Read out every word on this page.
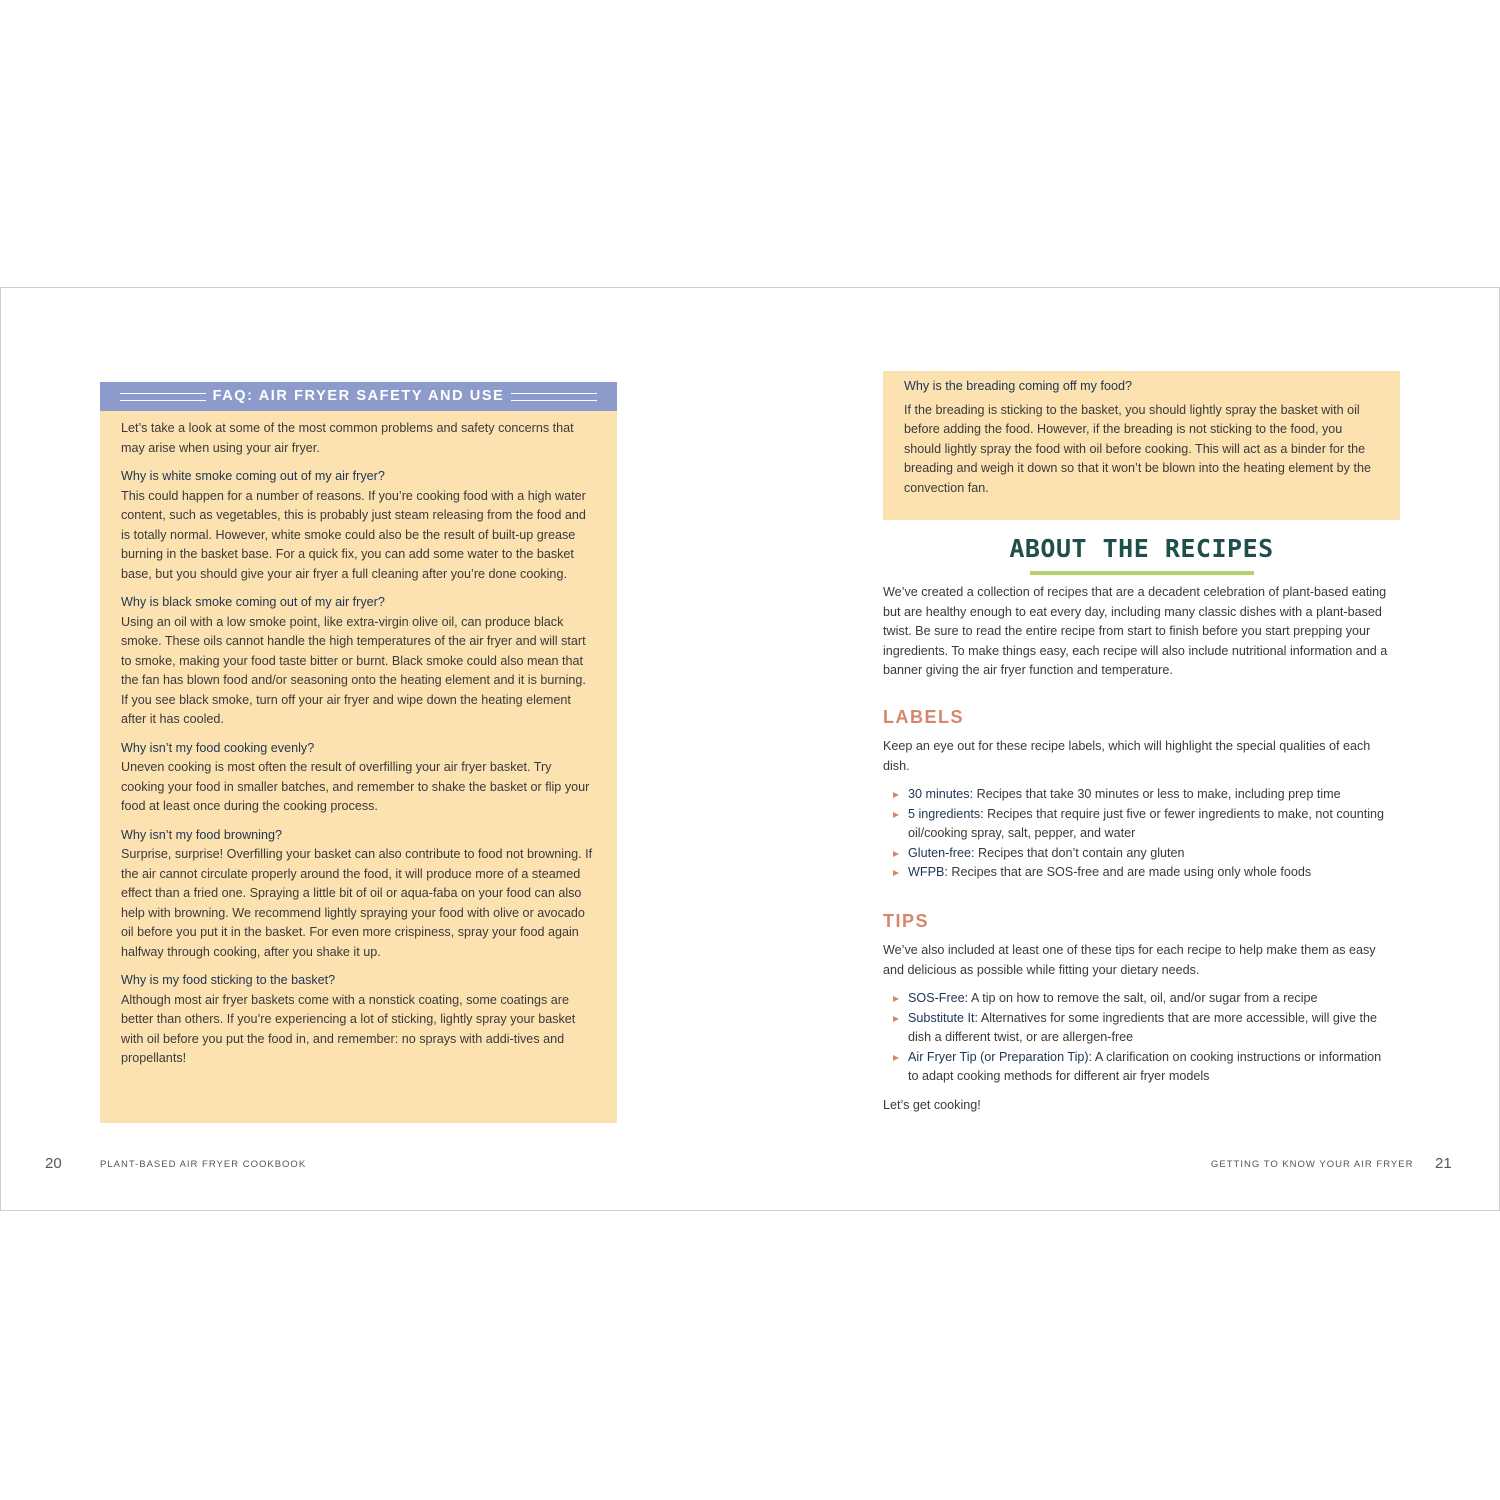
FAQ: AIR FRYER SAFETY AND USE

Let’s take a look at some of the most common problems and safety concerns that may arise when using your air fryer.

Why is white smoke coming out of my air fryer?

This could happen for a number of reasons. If you’re cooking food with a high water content, such as vegetables, this is probably just steam releasing from the food and is totally normal. However, white smoke could also be the result of built-up grease burning in the basket base. For a quick fix, you can add some water to the basket base, but you should give your air fryer a full cleaning after you’re done cooking.

Why is black smoke coming out of my air fryer?

Using an oil with a low smoke point, like extra-virgin olive oil, can produce black smoke. These oils cannot handle the high temperatures of the air fryer and will start to smoke, making your food taste bitter or burnt. Black smoke could also mean that the fan has blown food and/or seasoning onto the heating element and it is burning. If you see black smoke, turn off your air fryer and wipe down the heating element after it has cooled.

Why isn’t my food cooking evenly?

Uneven cooking is most often the result of overfilling your air fryer basket. Try cooking your food in smaller batches, and remember to shake the basket or flip your food at least once during the cooking process.

Why isn’t my food browning?

Surprise, surprise! Overfilling your basket can also contribute to food not browning. If the air cannot circulate properly around the food, it will produce more of a steamed effect than a fried one. Spraying a little bit of oil or aqua-faba on your food can also help with browning. We recommend lightly spraying your food with olive or avocado oil before you put it in the basket. For even more crispiness, spray your food again halfway through cooking, after you shake it up.

Why is my food sticking to the basket?

Although most air fryer baskets come with a nonstick coating, some coatings are better than others. If you’re experiencing a lot of sticking, lightly spray your basket with oil before you put the food in, and remember: no sprays with addi-tives and propellants!

20	PLANT-BASED AIR FRYER COOKBOOK

Why is the breading coming off my food?

If the breading is sticking to the basket, you should lightly spray the basket with oil before adding the food. However, if the breading is not sticking to the food, you should lightly spray the food with oil before cooking. This will act as a binder for the breading and weigh it down so that it won’t be blown into the heating element by the convection fan.

ABOUT THE RECIPES

We’ve created a collection of recipes that are a decadent celebration of plant-based eating but are healthy enough to eat every day, including many classic dishes with a plant-based twist. Be sure to read the entire recipe from start to finish before you start prepping your ingredients. To make things easy, each recipe will also include nutritional information and a banner giving the air fryer function and temperature.

LABELS

Keep an eye out for these recipe labels, which will highlight the special qualities of each dish.

30 minutes: Recipes that take 30 minutes or less to make, including prep time
5 ingredients: Recipes that require just five or fewer ingredients to make, not counting oil/cooking spray, salt, pepper, and water
Gluten-free: Recipes that don’t contain any gluten
WFPB: Recipes that are SOS-free and are made using only whole foods

TIPS

We’ve also included at least one of these tips for each recipe to help make them as easy and delicious as possible while fitting your dietary needs.

SOS-Free: A tip on how to remove the salt, oil, and/or sugar from a recipe
Substitute It: Alternatives for some ingredients that are more accessible, will give the dish a different twist, or are allergen-free
Air Fryer Tip (or Preparation Tip): A clarification on cooking instructions or information to adapt cooking methods for different air fryer models

Let’s get cooking!

GETTING TO KNOW YOUR AIR FRYER 21
